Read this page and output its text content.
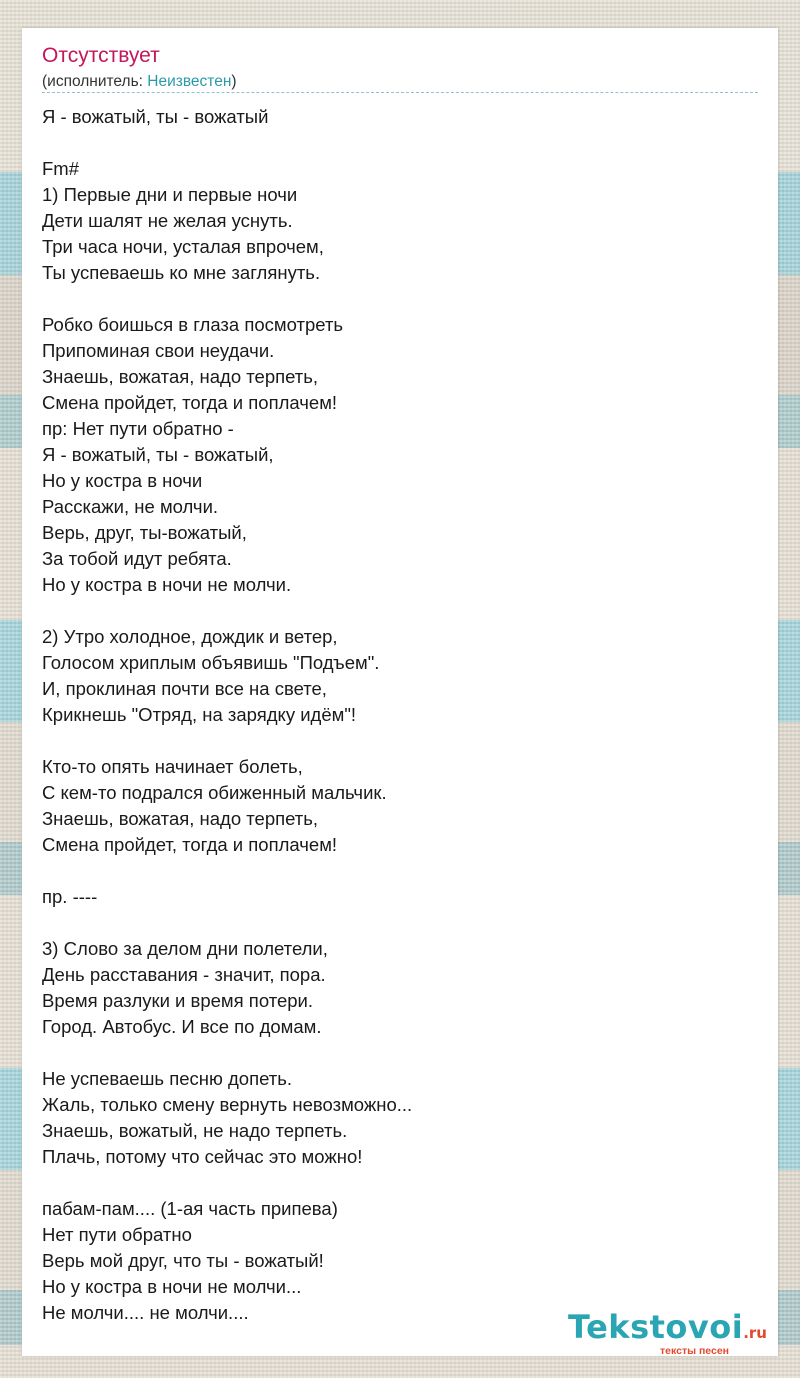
Отсутствует
(исполнитель: Неизвестен)
Я - вожатый, ты - вожатый
Fm#
1) Первые дни и первые ночи
Дети шалят не желая уснуть.
Три часа ночи, усталая впрочем,
Ты успеваешь ко мне заглянуть.
Робко боишься в глаза посмотреть
Припоминая свои неудачи.
Знаешь, вожатая, надо терпеть,
Смена пройдет, тогда и поплачем!
пр: Нет пути обратно -
Я - вожатый, ты - вожатый,
Но у костра в ночи
Расскажи, не молчи.
Верь, друг, ты-вожатый,
За тобой идут ребята.
Но у костра в ночи не молчи.
2) Утро холодное, дождик и ветер,
Голосом хриплым объявишь "Подъем".
И, проклиная почти все на свете,
Крикнешь "Отряд, на зарядку идём"!
Кто-то опять начинает болеть,
С кем-то подрался обиженный мальчик.
Знаешь, вожатая, надо терпеть,
Смена пройдет, тогда и поплачем!
пр. ----
3) Слово за делом дни полетели,
День расставания - значит, пора.
Время разлуки и время потери.
Город. Автобус. И все по домам.
Не успеваешь песню допеть.
Жаль, только смену вернуть невозможно...
Знаешь, вожатый, не надо терпеть.
Плачь, потому что сейчас это можно!
пабам-пам.... (1-ая часть припева)
Нет пути обратно
Верь мой друг, что ты - вожатый!
Но у костра в ночи не молчи...
Не молчи.... не молчи....	Tekstovoi.ru
тексты песен
